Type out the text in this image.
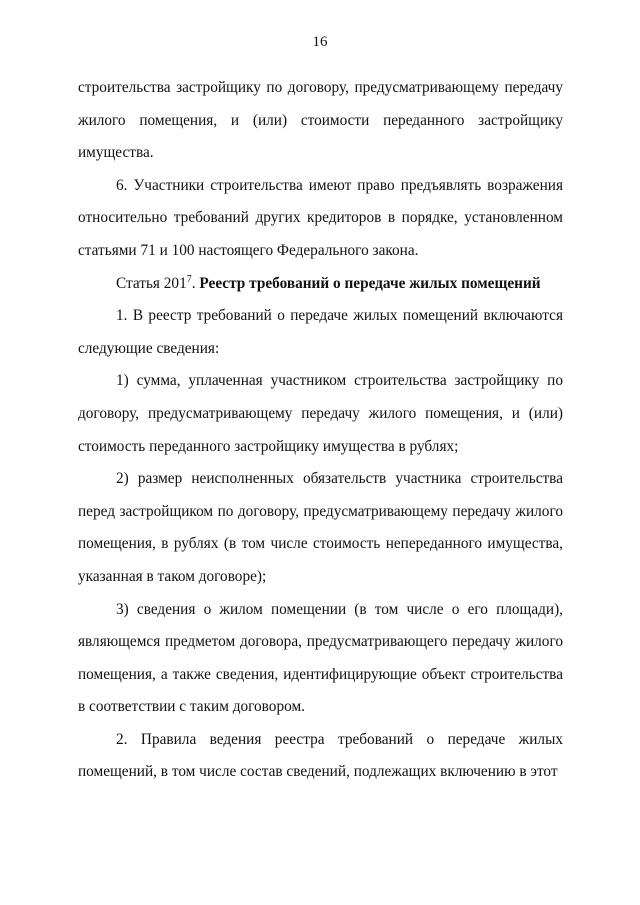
16

строительства застройщику по договору, предусматривающему передачу жилого помещения, и (или) стоимости переданного застройщику имущества.

6. Участники строительства имеют право предъявлять возражения относительно требований других кредиторов в порядке, установленном статьями 71 и 100 настоящего Федерального закона.

Статья $201^7$. Реестр требований о передаче жилых помещений

1. В реестр требований о передаче жилых помещений включаются следующие сведения:

1) сумма, уплаченная участником строительства застройщику по договору, предусматривающему передачу жилого помещения, и (или) стоимость переданного застройщику имущества в рублях;

2) размер неисполненных обязательств участника строительства перед застройщиком по договору, предусматривающему передачу жилого помещения, в рублях (в том числе стоимость непереданного имущества, указанная в таком договоре);

3) сведения о жилом помещении (в том числе о его площади), являющемся предметом договора, предусматривающего передачу жилого помещения, а также сведения, идентифицирующие объект строительства в соответствии с таким договором.

2. Правила ведения реестра требований о передаче жилых помещений, в том числе состав сведений, подлежащих включению в этот
